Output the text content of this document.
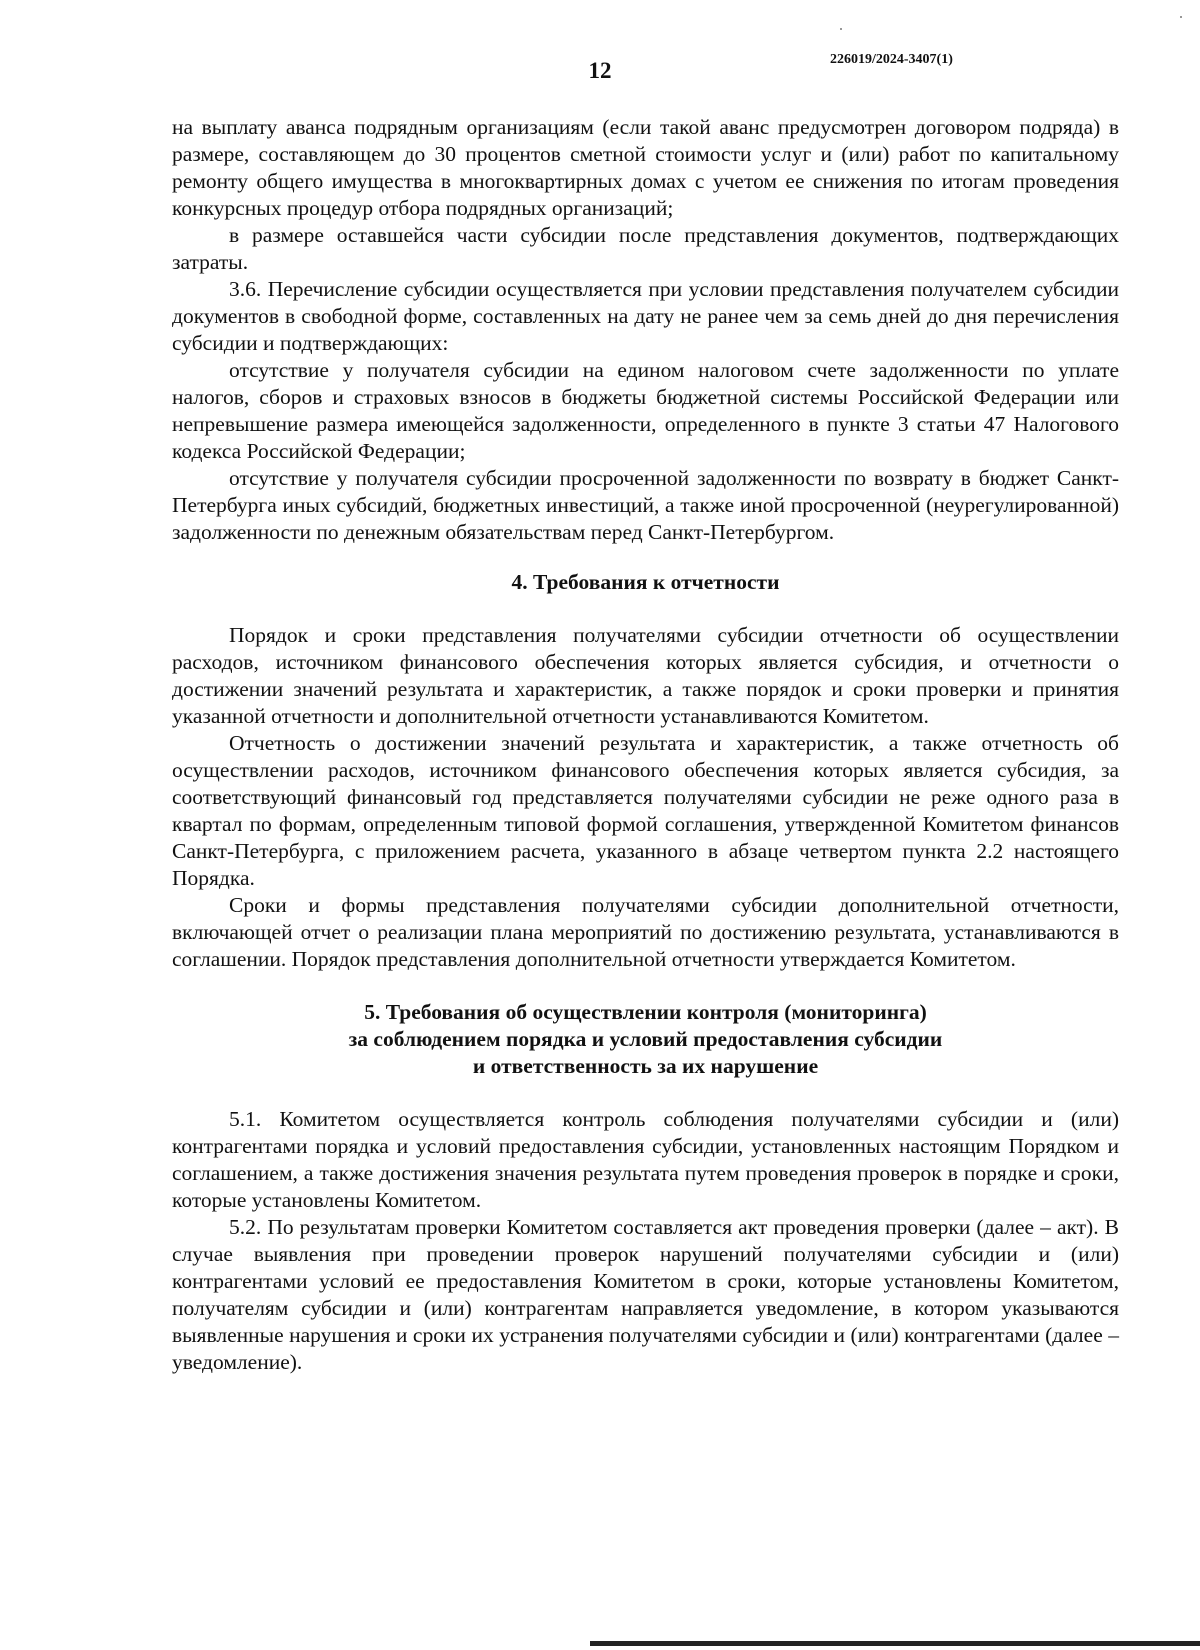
12	226019/2024-3407(1)

на выплату аванса подрядным организациям (если такой аванс предусмотрен договором подряда) в размере, составляющем до 30 процентов сметной стоимости услуг и (или) работ по капитальному ремонту общего имущества в многоквартирных домах с учетом ее снижения по итогам проведения конкурсных процедур отбора подрядных организаций;

в размере оставшейся части субсидии после представления документов, подтверждающих затраты.

3.6. Перечисление субсидии осуществляется при условии представления получателем субсидии документов в свободной форме, составленных на дату не ранее чем за семь дней до дня перечисления субсидии и подтверждающих:

отсутствие у получателя субсидии на едином налоговом счете задолженности по уплате налогов, сборов и страховых взносов в бюджеты бюджетной системы Российской Федерации или непревышение размера имеющейся задолженности, определенного в пункте 3 статьи 47 Налогового кодекса Российской Федерации;

отсутствие у получателя субсидии просроченной задолженности по возврату в бюджет Санкт-Петербурга иных субсидий, бюджетных инвестиций, а также иной просроченной (неурегулированной) задолженности по денежным обязательствам перед Санкт-Петербургом.

4. Требования к отчетности

Порядок и сроки представления получателями субсидии отчетности об осуществлении расходов, источником финансового обеспечения которых является субсидия, и отчетности о достижении значений результата и характеристик, а также порядок и сроки проверки и принятия указанной отчетности и дополнительной отчетности устанавливаются Комитетом.

Отчетность о достижении значений результата и характеристик, а также отчетность об осуществлении расходов, источником финансового обеспечения которых является субсидия, за соответствующий финансовый год представляется получателями субсидии не реже одного раза в квартал по формам, определенным типовой формой соглашения, утвержденной Комитетом финансов Санкт-Петербурга, с приложением расчета, указанного в абзаце четвертом пункта 2.2 настоящего Порядка.

Сроки и формы представления получателями субсидии дополнительной отчетности, включающей отчет о реализации плана мероприятий по достижению результата, устанавливаются в соглашении. Порядок представления дополнительной отчетности утверждается Комитетом.

5. Требования об осуществлении контроля (мониторинга)
за соблюдением порядка и условий предоставления субсидии
и ответственность за их нарушение

5.1. Комитетом осуществляется контроль соблюдения получателями субсидии и (или) контрагентами порядка и условий предоставления субсидии, установленных настоящим Порядком и соглашением, а также достижения значения результата путем проведения проверок в порядке и сроки, которые установлены Комитетом.

5.2. По результатам проверки Комитетом составляется акт проведения проверки (далее – акт). В случае выявления при проведении проверок нарушений получателями субсидии и (или) контрагентами условий ее предоставления Комитетом в сроки, которые установлены Комитетом, получателям субсидии и (или) контрагентам направляется уведомление, в котором указываются выявленные нарушения и сроки их устранения получателями субсидии и (или) контрагентами (далее – уведомление).
